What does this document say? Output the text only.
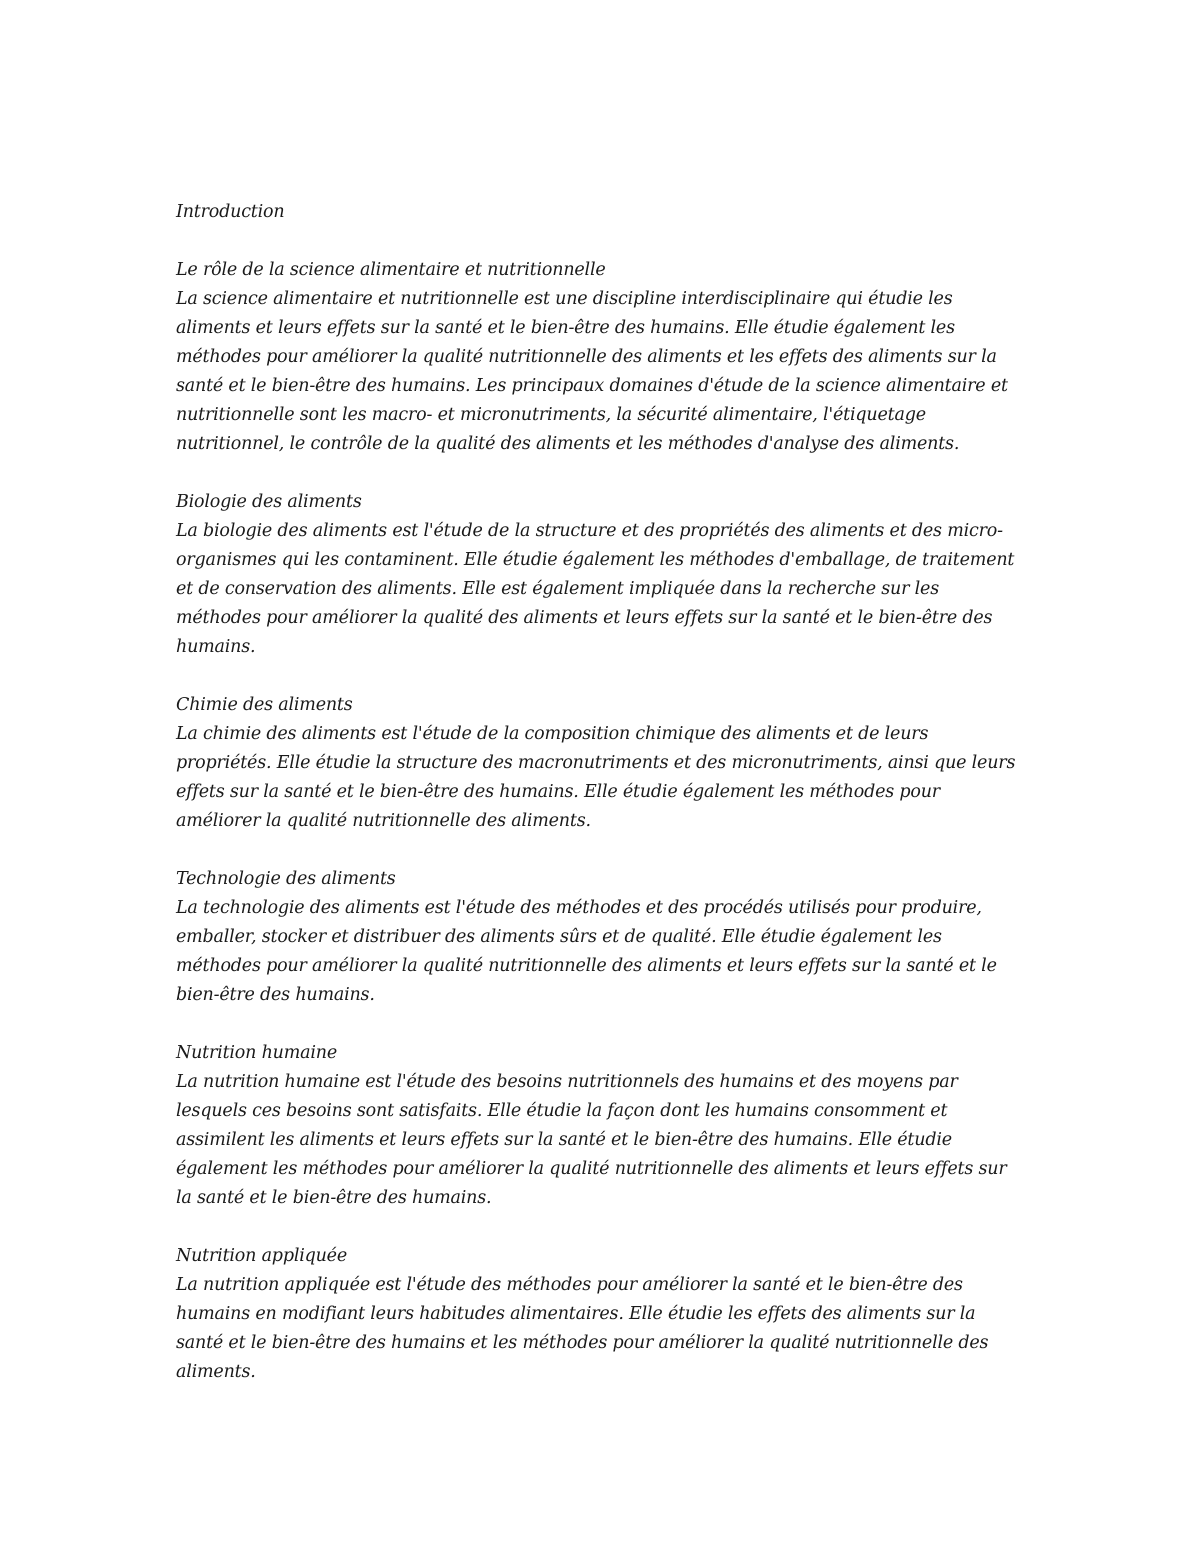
Introduction
Le rôle de la science alimentaire et nutritionnelle

La science alimentaire et nutritionnelle est une discipline interdisciplinaire qui étudie les aliments et leurs effets sur la santé et le bien-être des humains. Elle étudie également les méthodes pour améliorer la qualité nutritionnelle des aliments et les effets des aliments sur la santé et le bien-être des humains. Les principaux domaines d'étude de la science alimentaire et nutritionnelle sont les macro- et micronutriments, la sécurité alimentaire, l'étiquetage nutritionnel, le contrôle de la qualité des aliments et les méthodes d'analyse des aliments.

Biologie des aliments

La biologie des aliments est l'étude de la structure et des propriétés des aliments et des micro-organismes qui les contaminent. Elle étudie également les méthodes d'emballage, de traitement et de conservation des aliments. Elle est également impliquée dans la recherche sur les méthodes pour améliorer la qualité des aliments et leurs effets sur la santé et le bien-être des humains.

Chimie des aliments

La chimie des aliments est l'étude de la composition chimique des aliments et de leurs propriétés. Elle étudie la structure des macronutriments et des micronutriments, ainsi que leurs effets sur la santé et le bien-être des humains. Elle étudie également les méthodes pour améliorer la qualité nutritionnelle des aliments.

Technologie des aliments

La technologie des aliments est l'étude des méthodes et des procédés utilisés pour produire, emballer, stocker et distribuer des aliments sûrs et de qualité. Elle étudie également les méthodes pour améliorer la qualité nutritionnelle des aliments et leurs effets sur la santé et le bien-être des humains.

Nutrition humaine

La nutrition humaine est l'étude des besoins nutritionnels des humains et des moyens par lesquels ces besoins sont satisfaits. Elle étudie la façon dont les humains consomment et assimilent les aliments et leurs effets sur la santé et le bien-être des humains. Elle étudie également les méthodes pour améliorer la qualité nutritionnelle des aliments et leurs effets sur la santé et le bien-être des humains.

Nutrition appliquée

La nutrition appliquée est l'étude des méthodes pour améliorer la santé et le bien-être des humains en modifiant leurs habitudes alimentaires. Elle étudie les effets des aliments sur la santé et le bien-être des humains et les méthodes pour améliorer la qualité nutritionnelle des aliments.
